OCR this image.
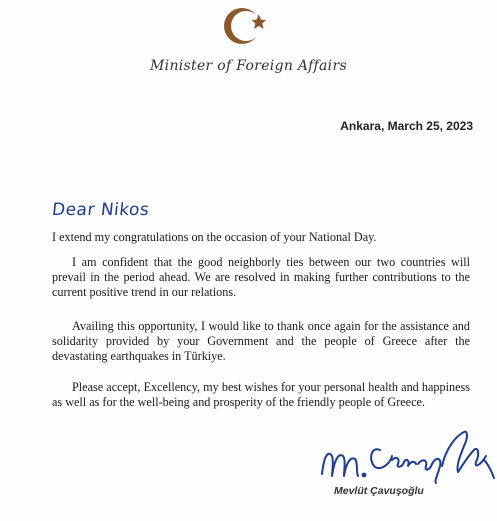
Minister of Foreign Affairs
Ankara, March 25, 2023
Dear Nikos
I extend my congratulations on the occasion of your National Day.
I am confident that the good neighborly ties between our two countries will prevail in the period ahead. We are resolved in making further contributions to the current positive trend in our relations.
Availing this opportunity, I would like to thank once again for the assistance and solidarity provided by your Government and the people of Greece after the devastating earthquakes in Türkiye.
Please accept, Excellency, my best wishes for your personal health and happiness as well as for the well-being and prosperity of the friendly people of Greece.
Mevlüt Çavuşoğlu
